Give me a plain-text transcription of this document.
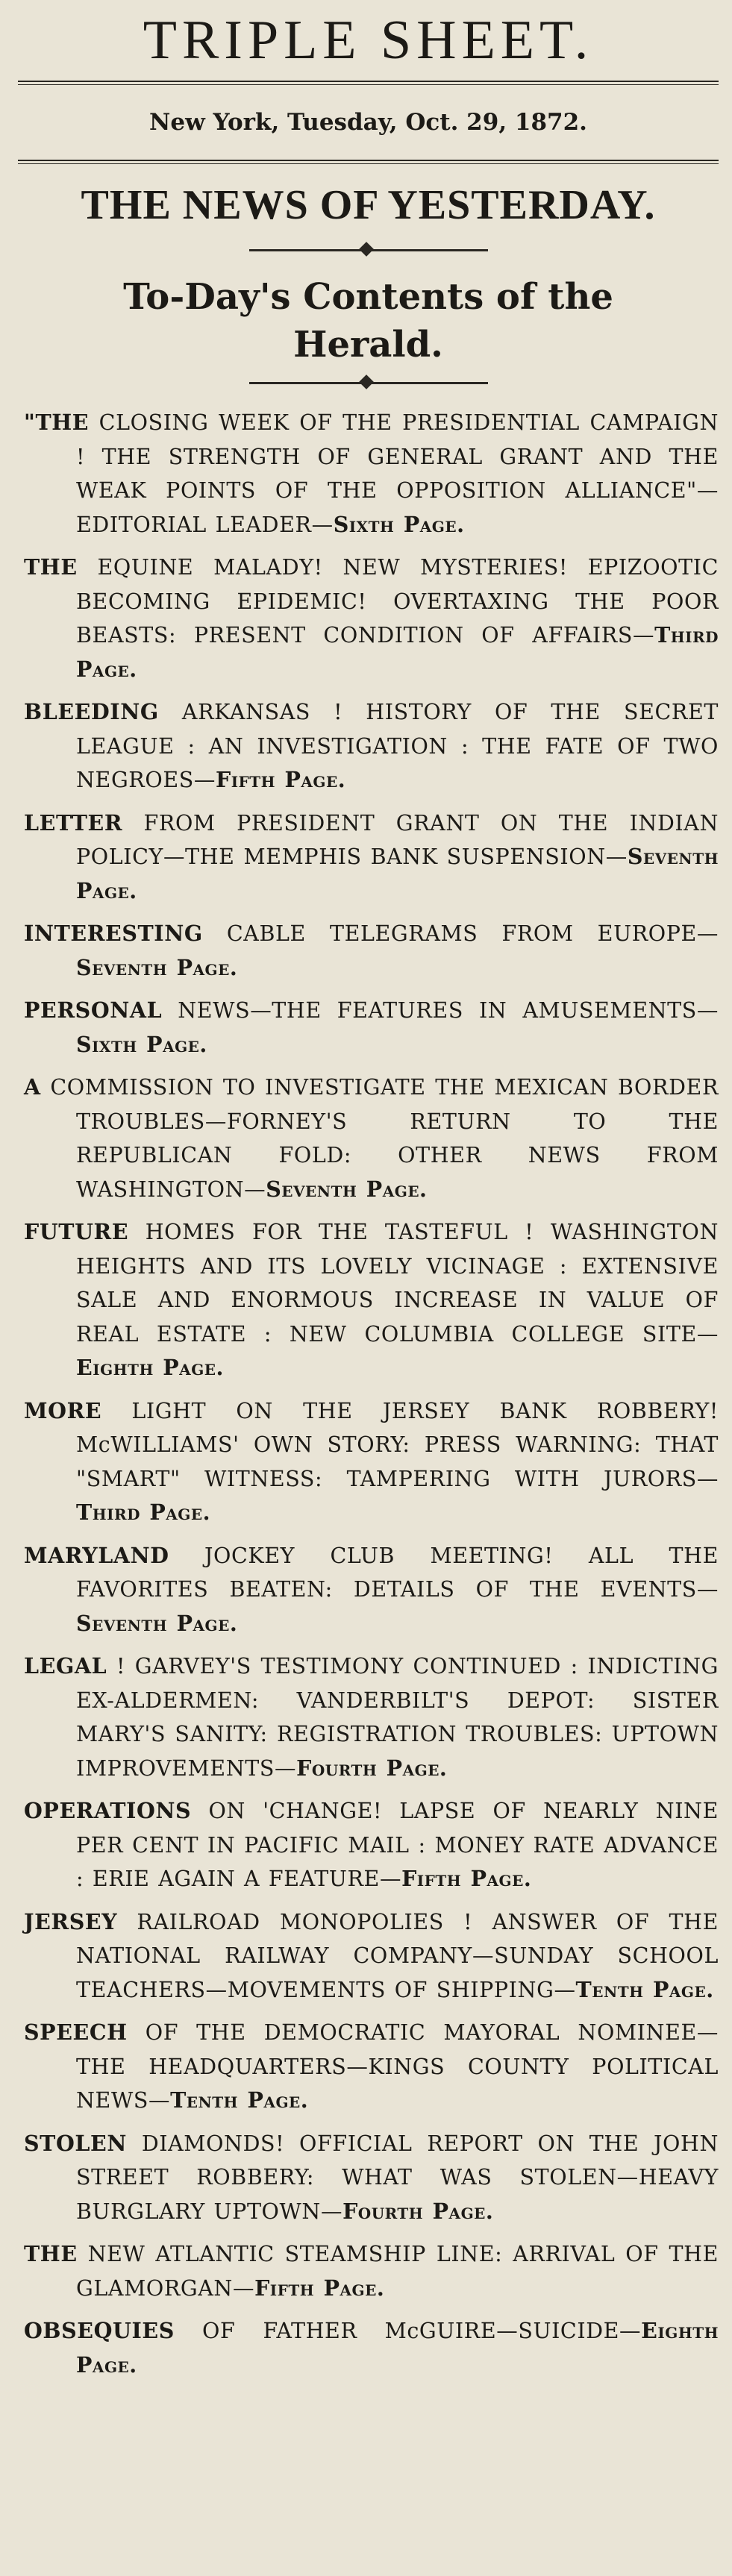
TRIPLE SHEET.

New York, Tuesday, Oct. 29, 1872.

THE NEWS OF YESTERDAY.
To-Day's Contents of the
Herald.

"THE CLOSING WEEK OF THE PRESIDENTIAL CAMPAIGN ! THE STRENGTH OF GENERAL GRANT AND THE WEAK POINTS OF THE OPPOSITION ALLIANCE"—EDITORIAL LEADER—Sixth Page.

THE EQUINE MALADY! NEW MYSTERIES! EPIZOOTIC BECOMING EPIDEMIC! OVERTAXING THE POOR BEASTS: PRESENT CONDITION OF AFFAIRS—Third Page.

BLEEDING ARKANSAS ! HISTORY OF THE SECRET LEAGUE : AN INVESTIGATION : THE FATE OF TWO NEGROES—Fifth Page.

LETTER FROM PRESIDENT GRANT ON THE INDIAN POLICY—THE MEMPHIS BANK SUSPENSION—Seventh Page.

INTERESTING CABLE TELEGRAMS FROM EUROPE—Seventh Page.

PERSONAL NEWS—THE FEATURES IN AMUSEMENTS—Sixth Page.

A COMMISSION TO INVESTIGATE THE MEXICAN BORDER TROUBLES—FORNEY'S RETURN TO THE REPUBLICAN FOLD: OTHER NEWS FROM WASHINGTON—Seventh Page.

FUTURE HOMES FOR THE TASTEFUL ! WASHINGTON HEIGHTS AND ITS LOVELY VICINAGE : EXTENSIVE SALE AND ENORMOUS INCREASE IN VALUE OF REAL ESTATE : NEW COLUMBIA COLLEGE SITE—Eighth Page.

MORE LIGHT ON THE JERSEY BANK ROBBERY! McWILLIAMS' OWN STORY: PRESS WARNING: THAT "SMART" WITNESS: TAMPERING WITH JURORS—Third Page.

MARYLAND JOCKEY CLUB MEETING! ALL THE FAVORITES BEATEN: DETAILS OF THE EVENTS—Seventh Page.

LEGAL ! GARVEY'S TESTIMONY CONTINUED : INDICTING EX-ALDERMEN: VANDERBILT'S DEPOT: SISTER MARY'S SANITY: REGISTRATION TROUBLES: UPTOWN IMPROVEMENTS—Fourth Page.

OPERATIONS ON 'CHANGE! LAPSE OF NEARLY NINE PER CENT IN PACIFIC MAIL : MONEY RATE ADVANCE : ERIE AGAIN A FEATURE—Fifth Page.

JERSEY RAILROAD MONOPOLIES ! ANSWER OF THE NATIONAL RAILWAY COMPANY—SUNDAY SCHOOL TEACHERS—MOVEMENTS OF SHIPPING—Tenth Page.

SPEECH OF THE DEMOCRATIC MAYORAL NOMINEE—THE HEADQUARTERS—KINGS COUNTY POLITICAL NEWS—Tenth Page.

STOLEN DIAMONDS! OFFICIAL REPORT ON THE JOHN STREET ROBBERY: WHAT WAS STOLEN—HEAVY BURGLARY UPTOWN—Fourth Page.

THE NEW ATLANTIC STEAMSHIP LINE: ARRIVAL OF THE GLAMORGAN—Fifth Page.

OBSEQUIES OF FATHER McGUIRE—SUICIDE—Eighth Page.
